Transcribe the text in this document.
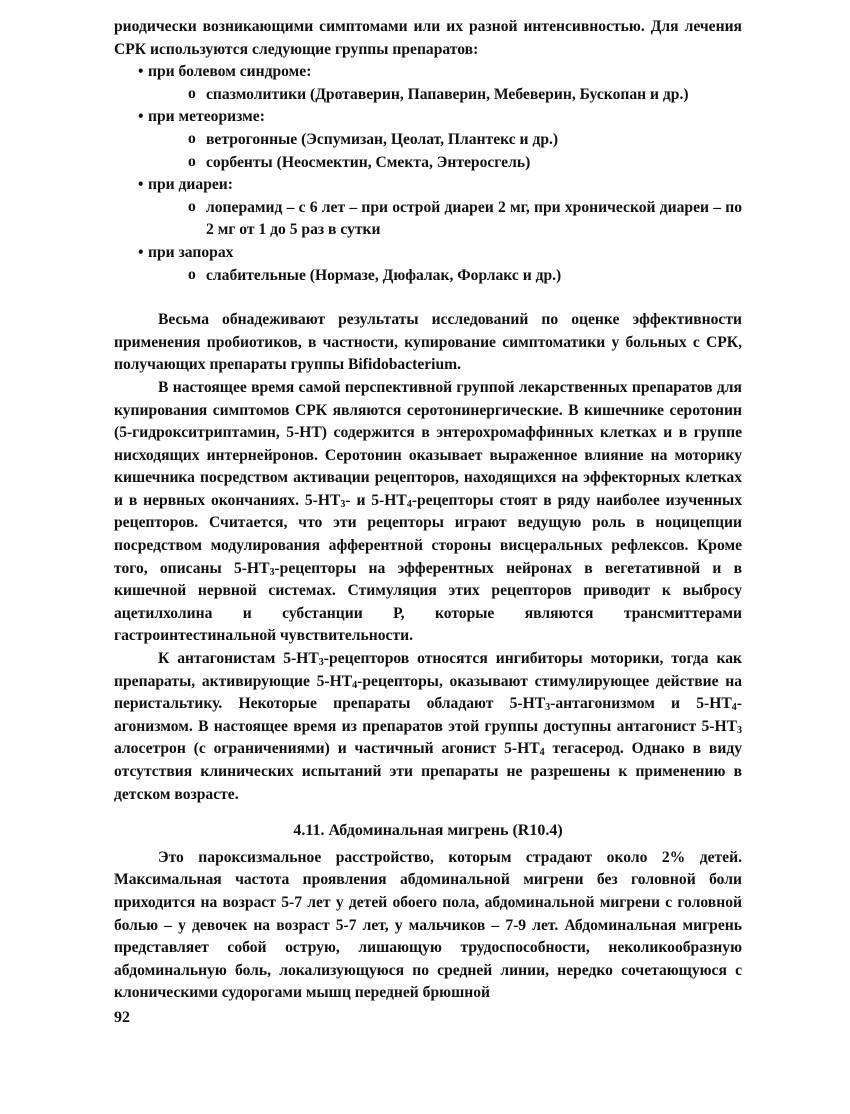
риодически возникающими симптомами или их разной интенсивностью. Для лечения СРК используются следующие группы препаратов:

• при болевом синдроме:
o спазмолитики (Дротаверин, Папаверин, Мебеверин, Бускопан и др.)
• при метеоризме:
o ветрогонные (Эспумизан, Цеолат, Плантекс и др.)
o сорбенты (Неосмектин, Смекта, Энтеросгель)
• при диареи:
o лоперамид – с 6 лет – при острой диареи 2 мг, при хронической диареи – по 2 мг от 1 до 5 раз в сутки
• при запорах
o слабительные (Нормазе, Дюфалак, Форлакс и др.)

Весьма обнадеживают результаты исследований по оценке эффективности применения пробиотиков, в частности, купирование симптоматики у больных с СРК, получающих препараты группы Bifidobacterium.

В настоящее время самой перспективной группой лекарственных препаратов для купирования симптомов СРК являются серотонинергические. В кишечнике серотонин (5-гидрокситриптамин, 5-НТ) содержится в энтерохромаффинных клетках и в группе нисходящих интернейронов. Серотонин оказывает выраженное влияние на моторику кишечника посредством активации рецепторов, находящихся на эффекторных клетках и в нервных окончаниях. $5-НТ_3-$ и $5-НТ_4$-рецепторы стоят в ряду наиболее изученных рецепторов. Считается, что эти рецепторы играют ведущую роль в ноцицепции посредством модулирования афферентной стороны висцеральных рефлексов. Кроме того, описаны $5-НТ_3$-рецепторы на эфферентных нейронах в вегетативной и в кишечной нервной системах. Стимуляция этих рецепторов приводит к выбросу ацетилхолина и субстанции Р, которые являются трансмиттерами гастроинтестинальной чувствительности.

К антагонистам $5-НТ_3$-рецепторов относятся ингибиторы моторики, тогда как препараты, активирующие $5-НТ_4$-рецепторы, оказывают стимулирующее действие на перистальтику. Некоторые препараты обладают $5-НТ_3$-антагонизмом и $5-НТ_4$-агонизмом. В настоящее время из препаратов этой группы доступны антагонист $5-НТ_3$ алосетрон (с ограничениями) и частичный агонист $5-НТ_4$ тегасерод. Однако в виду отсутствия клинических испытаний эти препараты не разрешены к применению в детском возрасте.

4.11. Абдоминальная мигрень (R10.4)

Это пароксизмальное расстройство, которым страдают около 2% детей. Максимальная частота проявления абдоминальной мигрени без головной боли приходится на возраст 5-7 лет у детей обоего пола, абдоминальной мигрени с головной болью – у девочек на возраст 5-7 лет, у мальчиков – 7-9 лет. Абдоминальная мигрень представляет собой острую, лишающую трудоспособности, неколикообразную абдоминальную боль, локализующуюся по средней линии, нередко сочетающуюся с клоническими судорогами мышц передней брюшной

92
